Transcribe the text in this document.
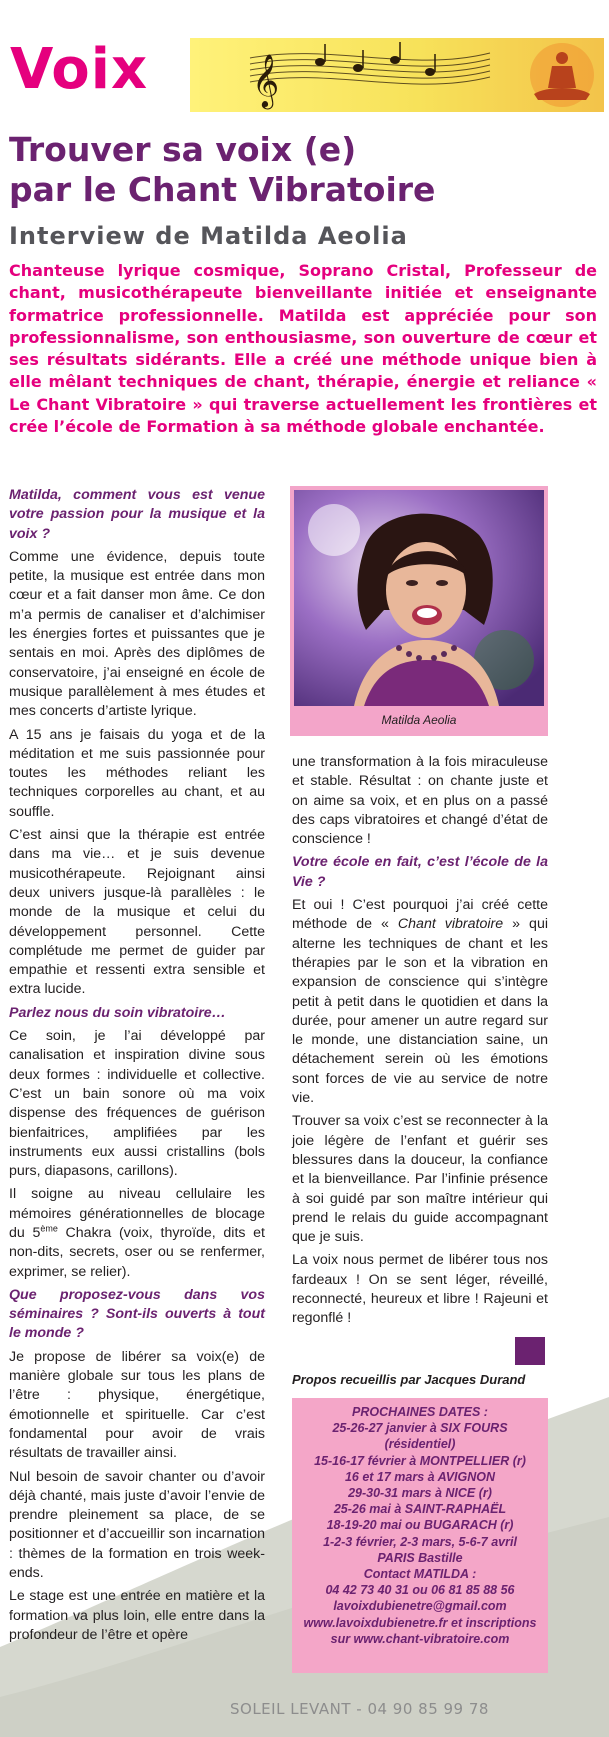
Voix 𝄞
Trouver sa voix (e)
par le Chant Vibratoire
Interview de Matilda Aeolia
Chanteuse lyrique cosmique, Soprano Cristal, Professeur de chant, musicothérapeute bienveillante initiée et enseignante formatrice professionnelle. Matilda est appréciée pour son professionnalisme, son enthousiasme, son ouverture de cœur et ses résultats sidérants. Elle a créé une méthode unique bien à elle mêlant techniques de chant, thérapie, énergie et reliance « Le Chant Vibratoire » qui traverse actuellement les frontières et crée l’école de Formation à sa méthode globale enchantée.

Matilda, comment vous est venue votre passion pour la musique et la voix ?

Comme une évidence, depuis toute petite, la musique est entrée dans mon cœur et a fait danser mon âme. Ce don m’a permis de canaliser et d’alchimiser les énergies fortes et puissantes que je sentais en moi. Après des diplômes de conservatoire, j’ai enseigné en école de musique parallèlement à mes études et mes concerts d’artiste lyrique.

A 15 ans je faisais du yoga et de la méditation et me suis passionnée pour toutes les méthodes reliant les techniques corporelles au chant, et au souffle.

C’est ainsi que la thérapie est entrée dans ma vie… et je suis devenue musicothérapeute. Rejoignant ainsi deux univers jusque-là parallèles : le monde de la musique et celui du développement personnel. Cette complétude me permet de guider par empathie et ressenti extra sensible et extra lucide.

Parlez nous du soin vibratoire…

Ce soin, je l’ai développé par canalisation et inspiration divine sous deux formes : individuelle et collective. C’est un bain sonore où ma voix dispense des fréquences de guérison bienfaitrices, amplifiées par les instruments eux aussi cristallins (bols purs, diapasons, carillons).

Il soigne au niveau cellulaire les mémoires générationnelles de blocage du 5ème Chakra (voix, thyroïde, dits et non-dits, secrets, oser ou se renfermer, exprimer, se relier).

Que proposez-vous dans vos séminaires ? Sont-ils ouverts à tout le monde ?

Je propose de libérer sa voix(e) de manière globale sur tous les plans de l’être : physique, énergétique, émotionnelle et spirituelle. Car c’est fondamental pour avoir de vrais résultats de travailler ainsi.

Nul besoin de savoir chanter ou d’avoir déjà chanté, mais juste d’avoir l’envie de prendre pleinement sa place, de se positionner et d’accueillir son incarnation : thèmes de la formation en trois week-ends.

Le stage est une entrée en matière et la formation va plus loin, elle entre dans la profondeur de l’être et opère

Matilda Aeolia

une transformation à la fois miraculeuse et stable. Résultat : on chante juste et on aime sa voix, et en plus on a passé des caps vibratoires et changé d’état de conscience !

Votre école en fait, c’est l’école de la Vie ?

Et oui ! C’est pourquoi j’ai créé cette méthode de « Chant vibratoire » qui alterne les techniques de chant et les thérapies par le son et la vibration en expansion de conscience qui s’intègre petit à petit dans le quotidien et dans la durée, pour amener un autre regard sur le monde, une distanciation saine, un détachement serein où les émotions sont forces de vie au service de notre vie.

Trouver sa voix c’est se reconnecter à la joie légère de l’enfant et guérir ses blessures dans la douceur, la confiance et la bienveillance. Par l’infinie présence à soi guidé par son maître intérieur qui prend le relais du guide accompagnant que je suis.

La voix nous permet de libérer tous nos fardeaux ! On se sent léger, réveillé, reconnecté, heureux et libre ! Rajeuni et regonflé !

Propos recueillis par Jacques Durand
PROCHAINES DATES :
25-26-27 janvier à SIX FOURS
(résidentiel)
15-16-17 février à MONTPELLIER (r)
16 et 17 mars à AVIGNON
29-30-31 mars à NICE (r)
25-26 mai à SAINT-RAPHAËL
18-19-20 mai ou BUGARACH (r)
1-2-3 février, 2-3 mars, 5-6-7 avril
PARIS Bastille
Contact MATILDA :
04 42 73 40 31 ou 06 81 85 88 56
lavoixdubienetre@gmail.com
www.lavoixdubienetre.fr et inscriptions
sur www.chant-vibratoire.com
SOLEIL LEVANT - 04 90 85 99 78
